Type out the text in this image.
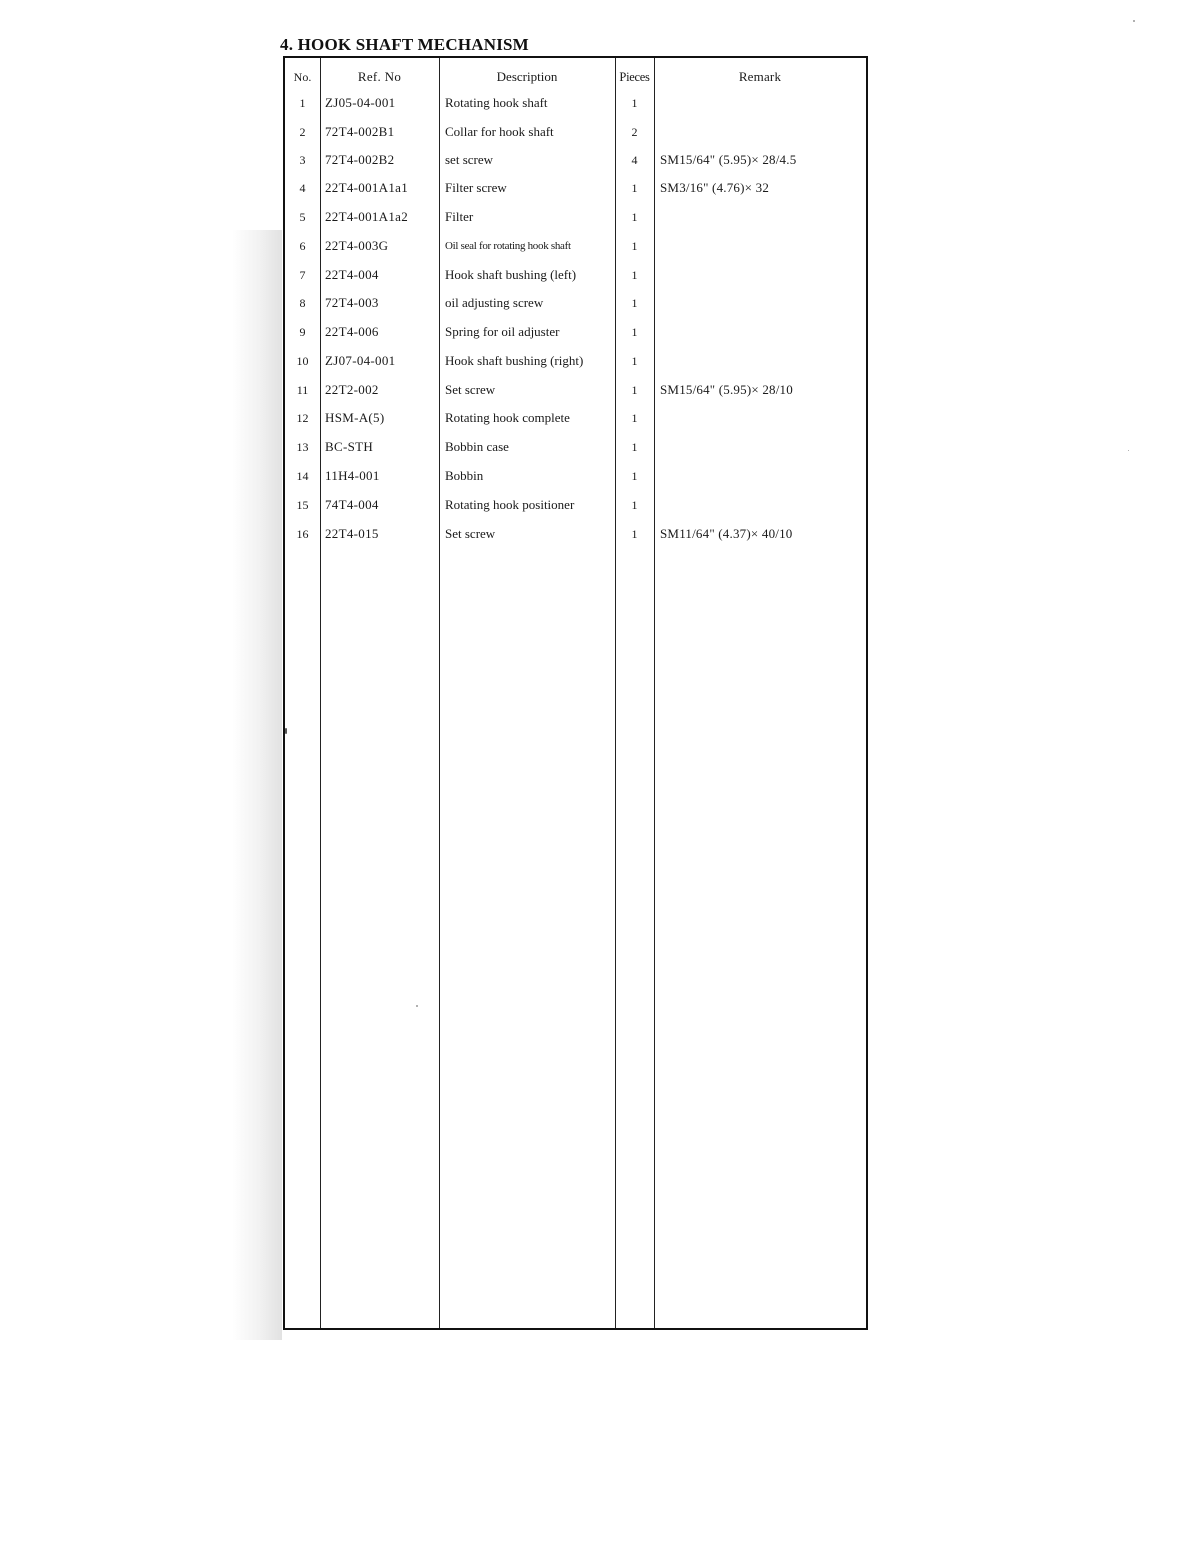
4. HOOK SHAFT MECHANISM
No.	Ref. No	Description	Pieces	Remark
1	ZJ05-04-001	Rotating hook shaft	1
2	72T4-002B1	Collar for hook shaft	2
3	72T4-002B2	set screw	4	SM15/64" (5.95)× 28/4.5
4	22T4-001A1a1	Filter screw	1	SM3/16" (4.76)× 32
5	22T4-001A1a2	Filter	1
6	22T4-003G	Oil seal for rotating hook shaft	1
7	22T4-004	Hook shaft bushing (left)	1
8	72T4-003	oil adjusting screw	1
9	22T4-006	Spring for oil adjuster	1
10	ZJ07-04-001	Hook shaft bushing (right)	1
11	22T2-002	Set screw	1	SM15/64" (5.95)× 28/10
12	HSM-A(5)	Rotating hook complete	1
13	BC-STH	Bobbin case	1
14	11H4-001	Bobbin	1
15	74T4-004	Rotating hook positioner	1
16	22T4-015	Set screw	1	SM11/64" (4.37)× 40/10
